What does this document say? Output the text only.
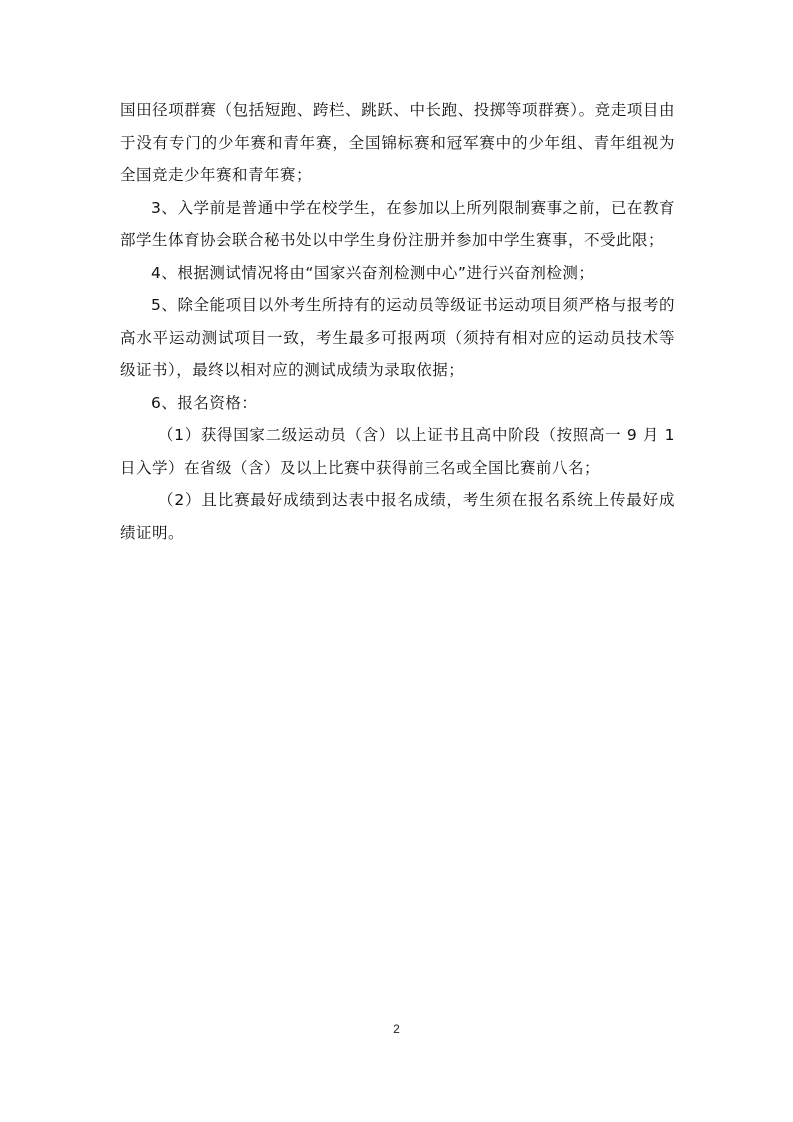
国田径项群赛（包括短跑、跨栏、跳跃、中长跑、投掷等项群赛）。竞走项目由于没有专门的少年赛和青年赛，全国锦标赛和冠军赛中的少年组、青年组视为全国竞走少年赛和青年赛；

3、入学前是普通中学在校学生，在参加以上所列限制赛事之前，已在教育部学生体育协会联合秘书处以中学生身份注册并参加中学生赛事，不受此限；

4、根据测试情况将由“国家兴奋剂检测中心”进行兴奋剂检测；

5、除全能项目以外考生所持有的运动员等级证书运动项目须严格与报考的高水平运动测试项目一致，考生最多可报两项（须持有相对应的运动员技术等级证书），最终以相对应的测试成绩为录取依据；

6、报名资格：

（1）获得国家二级运动员（含）以上证书且高中阶段（按照高一 9 月 1 日入学）在省级（含）及以上比赛中获得前三名或全国比赛前八名；

（2）且比赛最好成绩到达表中报名成绩，考生须在报名系统上传最好成绩证明。

2
